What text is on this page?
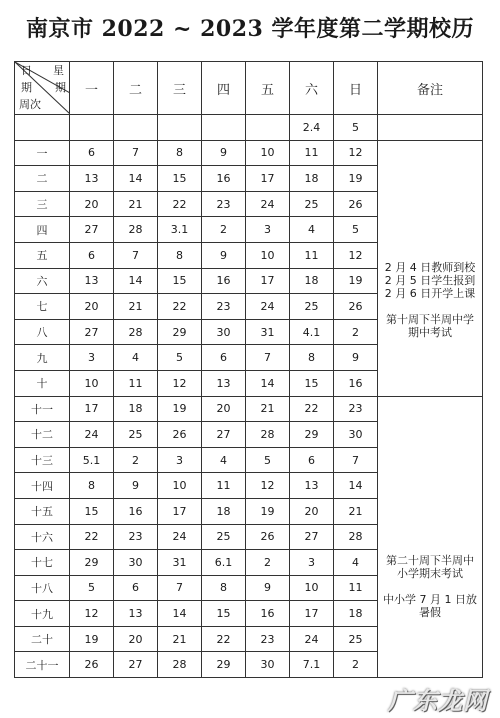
南京市 2022 ~ 2023 学年度第二学期校历
日 星
期 期
周次	一	二	三	四	五	六	日	备注
						2.4	5	
一	6	7	8	9	10	11	12	2 月 4 日教师到校
2 月 5 日学生报到
2 月 6 日开学上课
第十周下半周中学
期中考试

二	13	14	15	16	17	18	19	
三	20	21	22	23	24	25	26	
四	27	28	3.1	2	3	4	5	
五	6	7	8	9	10	11	12	
六	13	14	15	16	17	18	19	
七	20	21	22	23	24	25	26	
八	27	28	29	30	31	4.1	2	
九	3	4	5	6	7	8	9	
十	10	11	12	13	14	15	16	
十一	17	18	19	20	21	22	23	第二十周下半周中
小学期末考试
中小学 7 月 1 日放
暑假

十二	24	25	26	27	28	29	30	
十三	5.1	2	3	4	5	6	7	
十四	8	9	10	11	12	13	14	
十五	15	16	17	18	19	20	21	
十六	22	23	24	25	26	27	28	
十七	29	30	31	6.1	2	3	4	
十八	5	6	7	8	9	10	11	
十九	12	13	14	15	16	17	18	
二十	19	20	21	22	23	24	25	
二十一	26	27	28	29	30	7.1	2	
广东龙网
